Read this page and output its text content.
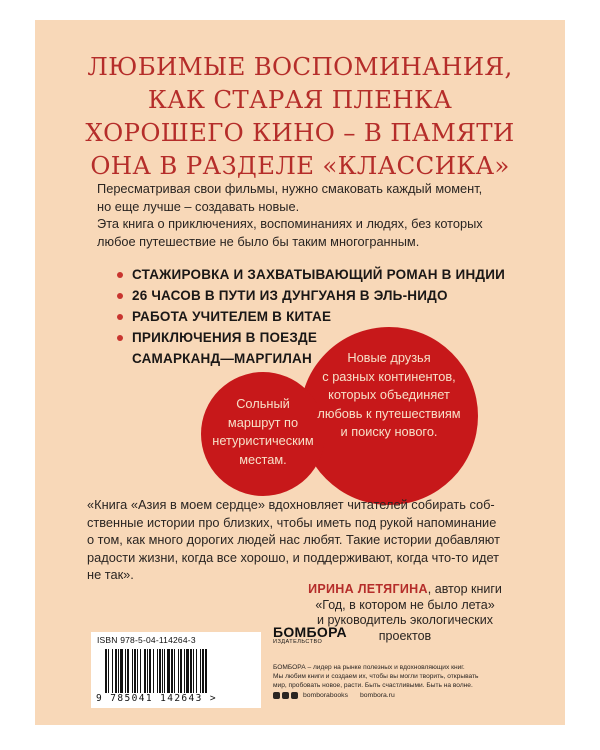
ЛЮБИМЫЕ ВОСПОМИНАНИЯ,
КАК СТАРАЯ ПЛЕНКА
ХОРОШЕГО КИНО – В ПАМЯТИ
ОНА В РАЗДЕЛЕ «КЛАССИКА»
Пересматривая свои фильмы, нужно смаковать каждый момент,
но еще лучше – создавать новые.
Эта книга о приключениях, воспоминаниях и людях, без которых
любое путешествие не было бы таким многогранным.
СТАЖИРОВКА И ЗАХВАТЫВАЮЩИЙ РОМАН В ИНДИИ
26 ЧАСОВ В ПУТИ ИЗ ДУНГУАНЯ В ЭЛЬ-НИДО
РАБОТА УЧИТЕЛЕМ В КИТАЕ
ПРИКЛЮЧЕНИЯ В ПОЕЗДЕ
САМАРКАНД—МАРГИЛАН	Новые друзья
с разных континентов,
которых объединяет
любовь к путешествиям
и поиску нового.
Сольный
маршрут по
нетуристическим
местам.
«Книга «Азия в моем сердце» вдохновляет читателей собирать соб-
ственные истории про близких, чтобы иметь под рукой напоминание
о том, как много дорогих людей нас любят. Такие истории добавляют
радости жизни, когда все хорошо, и поддерживают, когда что-то идет
не так».
ИРИНА ЛЕТЯГИНА, автор книги
«Год, в котором не было лета»
и руководитель экологических
проектов
ISBN 978-5-04-114264-3
9 785041 142643 >
БОМБОРА
ИЗДАТЕЛЬСТВО
БОМБОРА – лидер на рынке полезных и вдохновляющих книг.
Мы любим книги и создаем их, чтобы вы могли творить, открывать
мир, пробовать новое, расти. Быть счастливыми. Быть на волне.
bomborabooks bombora.ru
